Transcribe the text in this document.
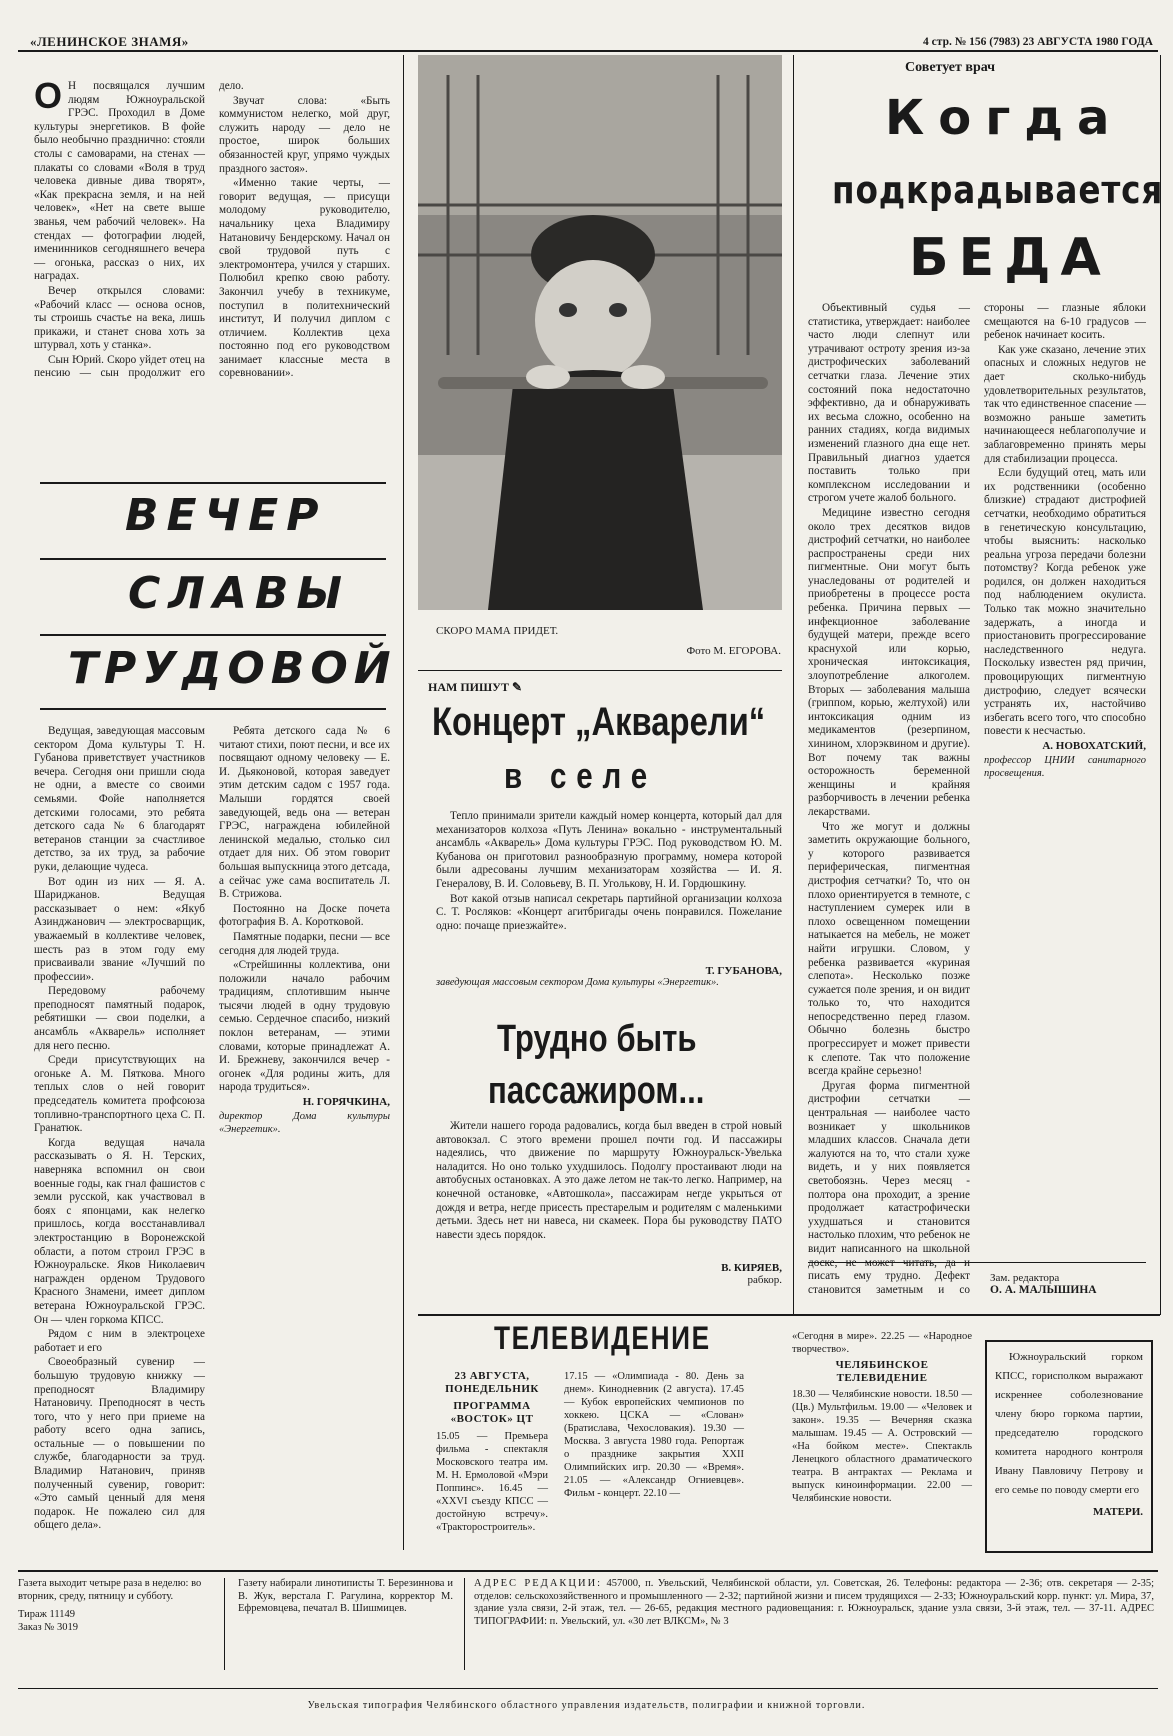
«ЛЕНИНСКОЕ ЗНАМЯ»	4 стр. № 156 (7983) 23 АВГУСТА 1980 ГОДА

О Н посвящался лучшим людям Южноуральской ГРЭС. Проходил в Доме культуры энергетиков. В фойе было необычно празднично: стояли столы с самоварами, на стенах — плакаты со словами «Воля в труд человека дивные дива творят», «Как прекрасна земля, и на ней человек», «Нет на свете выше званья, чем рабочий человек». На стендах — фотографии людей, именинников сегодняшнего вечера — огонька, рассказ о них, их наградах.

Вечер открылся словами: «Рабочий класс — основа основ, ты строишь счастье на века, лишь прикажи, и станет снова хоть за штурвал, хоть у станка».

Сын Юрий. Скоро уйдет отец на пенсию — сын продолжит его дело.

Звучат слова: «Быть коммунистом нелегко, мой друг, служить народу — дело не простое, широк больших обязанностей круг, упрямо чуждых праздного застоя».

«Именно такие черты, — говорит ведущая, — присущи молодому руководителю, начальнику цеха Владимиру Натановичу Бендерскому. Начал он свой трудовой путь с электромонтера, учился у старших. Полюбил крепко свою работу. Закончил учебу в техникуме, поступил в политехнический институт, И получил диплом с отличием. Коллектив цеха постоянно под его руководством занимает классные места в соревновании».

ВЕЧЕР
СЛАВЫ
ТРУДОВОЙ

Ведущая, заведующая массовым сектором Дома культуры Т. Н. Губанова приветствует участников вечера. Сегодня они пришли сюда не одни, а вместе со своими семьями. Фойе наполняется детскими голосами, это ребята детского сада № 6 благодарят ветеранов станции за счастливое детство, за их труд, за рабочие руки, делающие чудеса.

Вот один из них — Я. А. Шариджанов. Ведущая рассказывает о нем: «Якуб Азинджанович — электросварщик, уважаемый в коллективе человек, шесть раз в этом году ему присваивали звание «Лучший по профессии».

Передовому рабочему преподносят памятный подарок, ребятишки — свои поделки, а ансамбль «Акварель» исполняет для него песню.

Среди присутствующих на огоньке А. М. Пяткова. Много теплых слов о ней говорит председатель комитета профсоюза топливно-транспортного цеха С. П. Гранатюк.

Когда ведущая начала рассказывать о Я. Н. Терских, наверняка вспомнил он свои военные годы, как гнал фашистов с земли русской, как участвовал в боях с японцами, как нелегко пришлось, когда восстанавливал электростанцию в Воронежской области, а потом строил ГРЭС в Южноуральске. Яков Николаевич награжден орденом Трудового Красного Знамени, имеет диплом ветерана Южноуральской ГРЭС. Он — член горкома КПСС.

Рядом с ним в электроцехе работает и его

Своеобразный сувенир — большую трудовую книжку — преподносят Владимиру Натановичу. Преподносят в честь того, что у него при приеме на работу всего одна запись, остальные — о повышении по службе, благодарности за труд. Владимир Натанович, приняв полученный сувенир, говорит: «Это самый ценный для меня подарок. Не пожалею сил для общего дела».

Ребята детского сада № 6 читают стихи, поют песни, и все их посвящают одному человеку — Е. И. Дьяконовой, которая заведует этим детским садом с 1957 года. Малыши гордятся своей заведующей, ведь она — ветеран ГРЭС, награждена юбилейной ленинской медалью, столько сил отдает для них. Об этом говорит большая выпускница этого детсада, а сейчас уже сама воспитатель Л. В. Стрижова.

Постоянно на Доске почета фотография В. А. Коротковой.

Памятные подарки, песни — все сегодня для людей труда.

«Стрейшинны коллектива, они положили начало рабочим традициям, сплотившим нынче тысячи людей в одну трудовую семью. Сердечное спасибо, низкий поклон ветеранам, — этими словами, которые принадлежат А. И. Брежневу, закончился вечер - огонек «Для родины жить, для народа трудиться».

Н. ГОРЯЧКИНА,
директор Дома культуры «Энергетик».
СКОРО МАМА ПРИДЕТ.
Фото М. ЕГОРОВА.
НАМ ПИШУТ ✎
Концерт „Акварели“
в селе

Тепло принимали зрители каждый номер концерта, который дал для механизаторов колхоза «Путь Ленина» вокально - инструментальный ансамбль «Акварель» Дома культуры ГРЭС. Под руководством Ю. М. Кубанова он приготовил разнообразную программу, номера которой были адресованы лучшим механизаторам хозяйства — И. Я. Генералову, В. И. Соловьеву, В. П. Уголькову, Н. И. Гордюшкину.

Вот какой отзыв написал секретарь партийной организации колхоза С. Т. Росляков: «Концерт агитбригады очень понравился. Пожелание одно: почаще приезжайте».

Т. ГУБАНОВА,
заведующая массовым сектором Дома культуры «Энергетик».
Трудно быть
пассажиром...

Жители нашего города радовались, когда был введен в строй новый автовокзал. С этого времени прошел почти год. И пассажиры надеялись, что движение по маршруту Южноуральск-Увелька наладится. Но оно только ухудшилось. Подолгу простаивают люди на автобусных остановках. А это даже летом не так-то легко. Например, на конечной остановке, «Автошкола», пассажирам негде укрыться от дождя и ветра, негде присесть престарелым и родителям с маленькими детьми. Здесь нет ни навеса, ни скамеек. Пора бы руководству ПАТО навести здесь порядок.

В. КИРЯЕВ,
рабкор.
Советует врач
Когда
подкрадывается
БЕДА

Объективный судья — статистика, утверждает: наиболее часто люди слепнут или утрачивают остроту зрения из-за дистрофических заболеваний сетчатки глаза. Лечение этих состояний пока недостаточно эффективно, да и обнаруживать их весьма сложно, особенно на ранних стадиях, когда видимых изменений глазного дна еще нет. Правильный диагноз удается поставить только при комплексном исследовании и строгом учете жалоб больного.

Медицине известно сегодня около трех десятков видов дистрофий сетчатки, но наиболее распространены среди них пигментные. Они могут быть унаследованы от родителей и приобретены в процессе роста ребенка. Причина первых — инфекционное заболевание будущей матери, прежде всего краснухой или корью, хроническая интоксикация, злоупотребление алкоголем. Вторых — заболевания малыша (гриппом, корью, желтухой) или интоксикация одним из медикаментов (резерпином, хинином, хлорэквином и другие). Вот почему так важны осторожность беременной женщины и крайняя разборчивость в лечении ребенка лекарствами.

Что же могут и должны заметить окружающие больного, у которого развивается периферическая, пигментная дистрофия сетчатки? То, что он плохо ориентируется в темноте, с наступлением сумерек или в плохо освещенном помещении натыкается на мебель, не может найти игрушки. Словом, у ребенка развивается «куриная слепота». Несколько позже сужается поле зрения, и он видит только то, что находится непосредственно перед глазом. Обычно болезнь быстро прогрессирует и может привести к слепоте. Так что положение всегда крайне серьезно!

Другая форма пигментной дистрофии сетчатки — центральная — наиболее часто возникает у школьников младших классов. Сначала дети жалуются на то, что стали хуже видеть, и у них появляется светобоязнь. Через месяц - полтора она проходит, а зрение продолжает катастрофически ухудшаться и становится настолько плохим, что ребенок не видит написанного на школьной доске, не может читать, да и писать ему трудно. Дефект становится заметным и со стороны — глазные яблоки смещаются на 6-10 градусов — ребенок начинает косить.

Как уже сказано, лечение этих опасных и сложных недугов не дает сколько-нибудь удовлетворительных результатов, так что единственное спасение — возможно раньше заметить начинающееся неблагополучие и заблаговременно принять меры для стабилизации процесса.

Если будущий отец, мать или их родственники (особенно близкие) страдают дистрофией сетчатки, необходимо обратиться в генетическую консультацию, чтобы выяснить: насколько реальна угроза передачи болезни потомству? Когда ребенок уже родился, он должен находиться под наблюдением окулиста. Только так можно значительно задержать, а иногда и приостановить прогрессирование наследственного недуга. Поскольку известен ряд причин, провоцирующих пигментную дистрофию, следует всячески устранять их, настойчиво избегать всего того, что способно повести к несчастью.

А. НОВОХАТСКИЙ,
профессор ЦНИИ санитарного просвещения.
Зам. редактора
О. А. МАЛЫШИНА
ТЕЛЕВИДЕНИЕ
23 АВГУСТА,
ПОНЕДЕЛЬНИК
ПРОГРАММА «ВОСТОК» ЦТ
15.05 — Премьера фильма - спектакля Московского театра им. М. Н. Ермоловой «Мэри Поппинс». 16.45 — «XXVI съезду КПСС — достойную встречу». «Тракторостроитель».
17.15 — «Олимпиада - 80. День за днем». Кинодневник (2 августа). 17.45 — Кубок европейских чемпионов по хоккею. ЦСКА — «Слован» (Братислава, Чехословакия). 19.30 — Москва. 3 августа 1980 года. Репортаж о празднике закрытия XXII Олимпийских игр. 20.30 — «Время». 21.05 — «Александр Огниевцев». Фильм - концерт. 22.10 —
«Сегодня в мире». 22.25 — «Народное творчество».
ЧЕЛЯБИНСКОЕ ТЕЛЕВИДЕНИЕ
18.30 — Челябинские новости. 18.50 — (Цв.) Мультфильм. 19.00 — «Человек и закон». 19.35 — Вечерняя сказка малышам. 19.45 — А. Островский — «На бойком месте». Спектакль Ленецкого областного драматического театра. В антрактах — Реклама и выпуск киноинформации. 22.00 — Челябинские новости.
Южноуральский горком КПСС, горисполком выражают искреннее соболезнование члену бюро горкома партии, председателю городского комитета народного контроля Ивану Павловичу Петрову и его семье по поводу смерти его
МАТЕРИ.
Газета выходит четыре раза в неделю: во вторник, среду, пятницу и субботу.
Тираж 11149
Заказ № 3019
Газету набирали линотиписты Т. Березиннова и В. Жук, верстала Г. Рагулина, корректор М. Ефремовцева, печатал В. Шишмицев.
АДРЕС РЕДАКЦИИ: 457000, п. Увельский, Челябинской области, ул. Советская, 26. Телефоны: редактора — 2-36; отв. секретаря — 2-35; отделов: сельскохозяйственного и промышленного — 2-32; партийной жизни и писем трудящихся — 2-33; Южноуральский корр. пункт: ул. Мира, 37, здание узла связи, 2-й этаж, тел. — 26-65, редакция местного радиовещания: г. Южноуральск, здание узла связи, 3-й этаж, тел. — 37-11. АДРЕС ТИПОГРАФИИ: п. Увельский, ул. «30 лет ВЛКСМ», № 3
Увельская типография Челябинского областного управления издательств, полиграфии и книжной торговли.
